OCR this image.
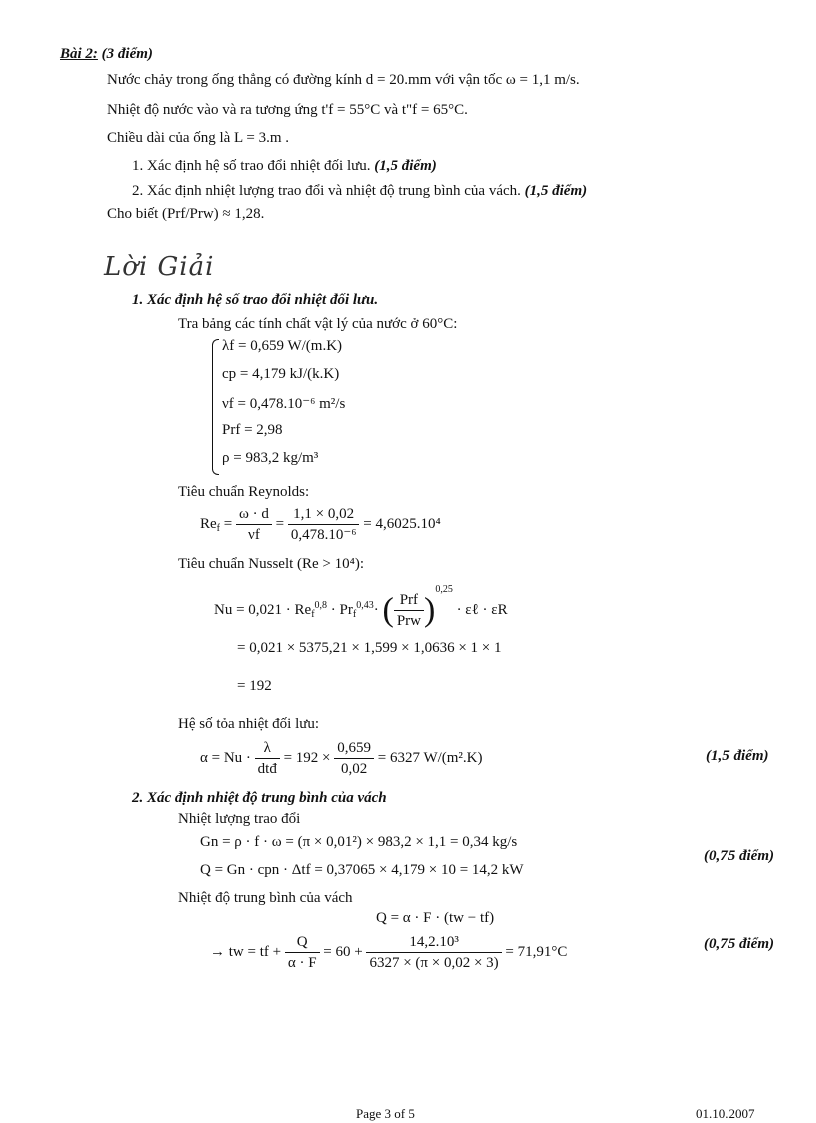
Bài 2: (3 điểm)
Nước chảy trong ống thẳng có đường kính d = 20.mm với vận tốc ω = 1,1 m/s.
Nhiệt độ nước vào và ra tương ứng t'f = 55°C và t"f = 65°C.
Chiều dài của ống là L = 3.m .
1. Xác định hệ số trao đổi nhiệt đối lưu. (1,5 điểm)
2. Xác định nhiệt lượng trao đổi và nhiệt độ trung bình của vách. (1,5 điểm)
Cho biết (Prf/Prw) ≈ 1,28.
Lời Giải
1. Xác định hệ số trao đổi nhiệt đối lưu.
Tra bảng các tính chất vật lý của nước ở 60°C:
λf = 0,659 W/(m.K)
cp = 4,179 kJ/(k.K)
νf = 0,478.10⁻⁶ m²/s
Prf = 2,98
ρ = 983,2 kg/m³
Tiêu chuẩn Reynolds:
$Re_f = \frac{\omega \cdot d}{\nu f} = \frac{1,1 \times 0,02}{\text{0,478.10⁻⁶}} = 4,6025.10^4$
Tiêu chuẩn Nusselt (Re > 10⁴):
$Nu = 0,021 \cdot Re_f^{0,8} \cdot Pr_f^{0,43}\cdot$ ( $\frac{\text{Prf}}{\text{Prw}} )^{0,25}$ · εℓ · εR
= 0,021 × 5375,21 × 1,599 × 1,0636 × 1 × 1
= 192
Hệ số tỏa nhiệt đối lưu:
$\alpha = Nu \cdot \frac{\lambda}{\text{dtđ}} = 192 \times \frac{0,659}{0,02} = 6327$ W/(m².K)	(1,5 điểm)
2. Xác định nhiệt độ trung bình của vách
Nhiệt lượng trao đổi
Gn = ρ · f · ω = (π × 0,01²) × 983,2 × 1,1 = 0,34 kg/s
Q = Gn · cpn · Δtf = 0,37065 × 4,179 × 10 = 14,2 kW
(0,75 điểm)
Nhiệt độ trung bình của vách
Q = α · F · (tw − tf)
→ tw = tf + $\frac{Q}{\alpha \cdot F} = 60 + \frac{\text{14,2.10³}}{6327 \times (\pi \times 0,02 \times 3)} = 71,91^\circ C$	(0,75 điểm)
Page 3 of 5	01.10.2007
